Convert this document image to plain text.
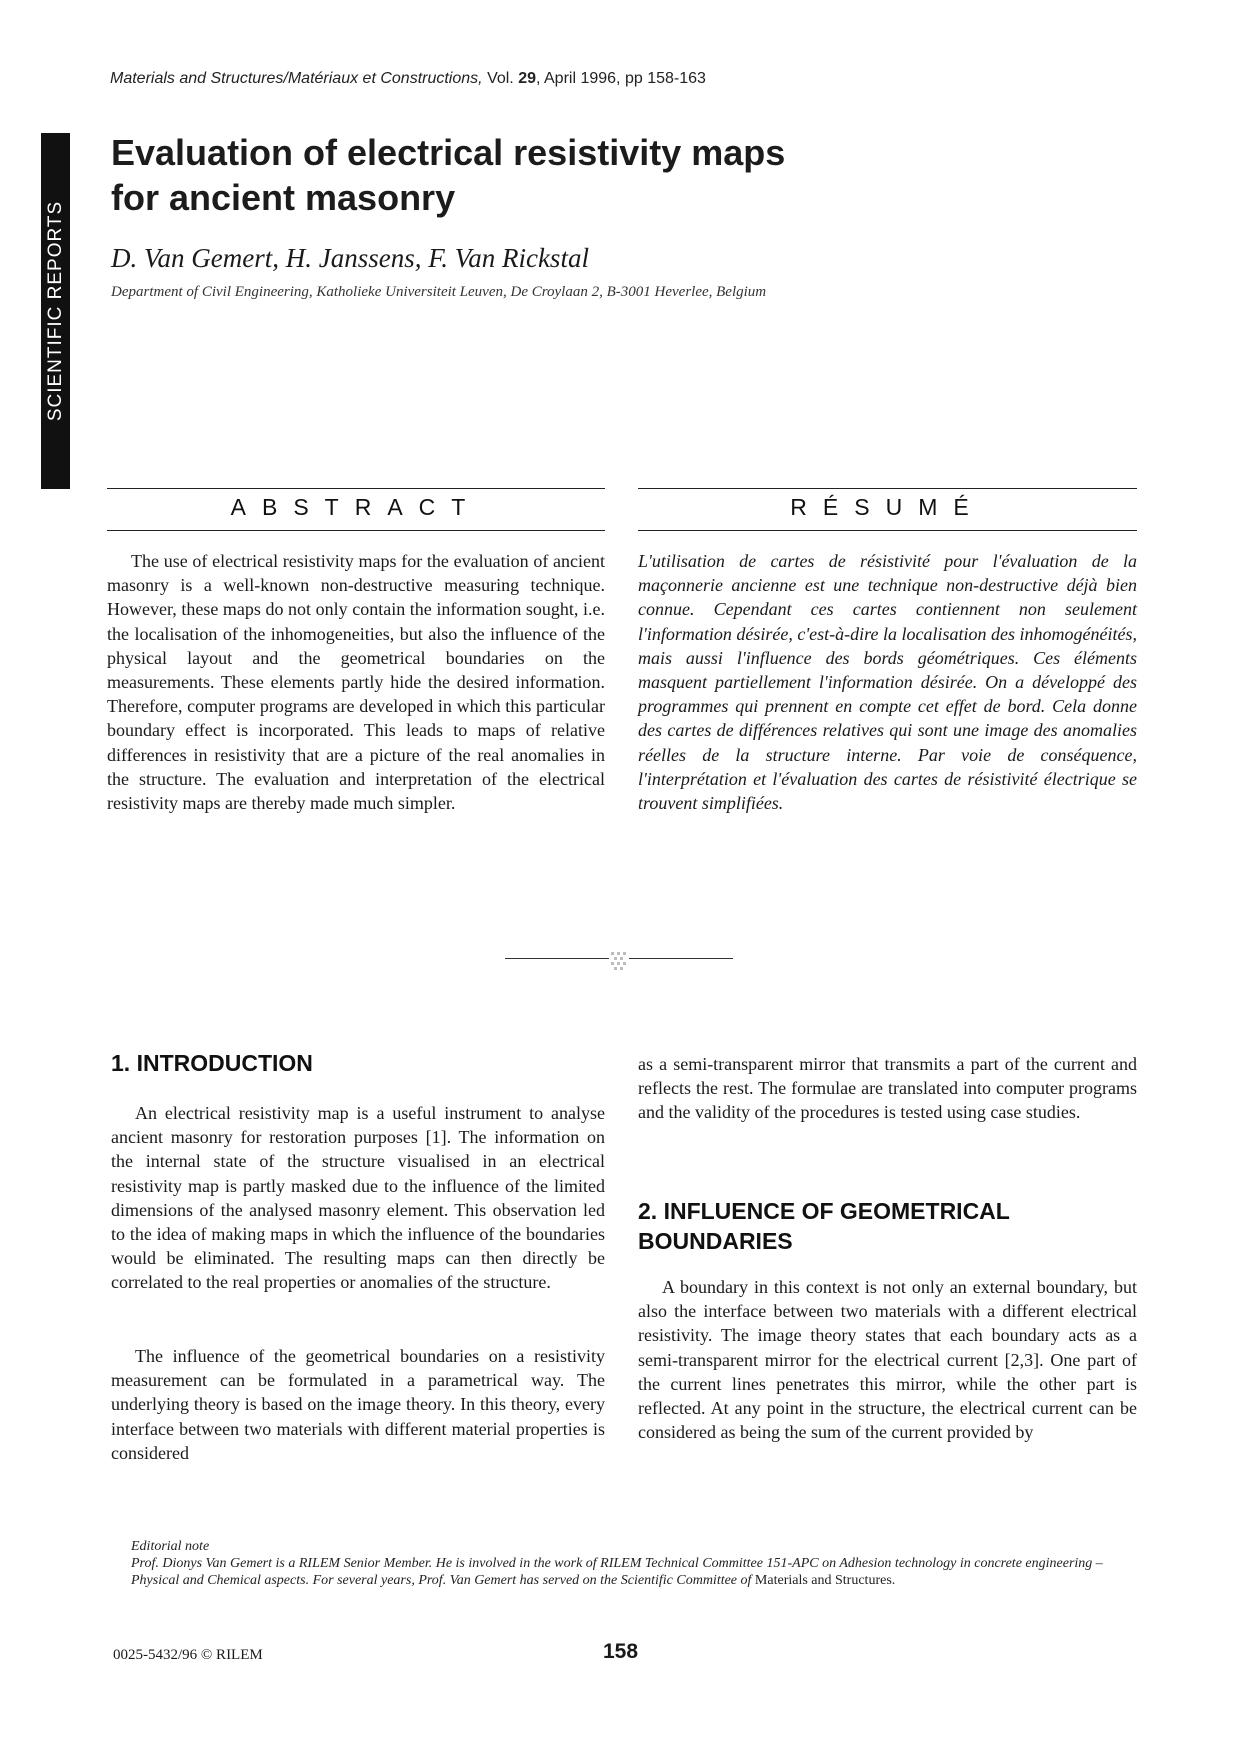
Materials and Structures/Matériaux et Constructions, Vol. 29, April 1996, pp 158-163
SCIENTIFIC REPORTS
Evaluation of electrical resistivity maps
for ancient masonry
D. Van Gemert, H. Janssens, F. Van Rickstal
Department of Civil Engineering, Katholieke Universiteit Leuven, De Croylaan 2, B-3001 Heverlee, Belgium
ABSTRACT

The use of electrical resistivity maps for the evaluation of ancient masonry is a well-known non-destructive measuring technique. However, these maps do not only contain the information sought, i.e. the localisation of the inhomogeneities, but also the influence of the physical layout and the geometrical boundaries on the measurements. These elements partly hide the desired information. Therefore, computer programs are developed in which this particular boundary effect is incorporated. This leads to maps of relative differences in resistivity that are a picture of the real anomalies in the structure. The evaluation and interpretation of the electrical resistivity maps are thereby made much simpler.

RÉSUMÉ

L'utilisation de cartes de résistivité pour l'évaluation de la maçonnerie ancienne est une technique non-destructive déjà bien connue. Cependant ces cartes contiennent non seulement l'information désirée, c'est-à-dire la localisation des inhomogénéités, mais aussi l'influence des bords géométriques. Ces éléments masquent partiellement l'information désirée. On a développé des programmes qui prennent en compte cet effet de bord. Cela donne des cartes de différences relatives qui sont une image des anomalies réelles de la structure interne. Par voie de conséquence, l'interprétation et l'évaluation des cartes de résistivité électrique se trouvent simplifiées.

1. INTRODUCTION

An electrical resistivity map is a useful instrument to analyse ancient masonry for restoration purposes [1]. The information on the internal state of the structure visualised in an electrical resistivity map is partly masked due to the influence of the limited dimensions of the analysed masonry element. This observation led to the idea of making maps in which the influence of the boundaries would be eliminated. The resulting maps can then directly be correlated to the real properties or anomalies of the structure.

The influence of the geometrical boundaries on a resistivity measurement can be formulated in a parametrical way. The underlying theory is based on the image theory. In this theory, every interface between two materials with different material properties is considered

as a semi-transparent mirror that transmits a part of the current and reflects the rest. The formulae are translated into computer programs and the validity of the procedures is tested using case studies.

2. INFLUENCE OF GEOMETRICAL
BOUNDARIES

A boundary in this context is not only an external boundary, but also the interface between two materials with a different electrical resistivity. The image theory states that each boundary acts as a semi-transparent mirror for the electrical current [2,3]. One part of the current lines penetrates this mirror, while the other part is reflected. At any point in the structure, the electrical current can be considered as being the sum of the current provided by

Editorial note
Prof. Dionys Van Gemert is a RILEM Senior Member. He is involved in the work of RILEM Technical Committee 151-APC on Adhesion technology in concrete engineering – Physical and Chemical aspects. For several years, Prof. Van Gemert has served on the Scientific Committee of Materials and Structures.
0025-5432/96 © RILEM	158
